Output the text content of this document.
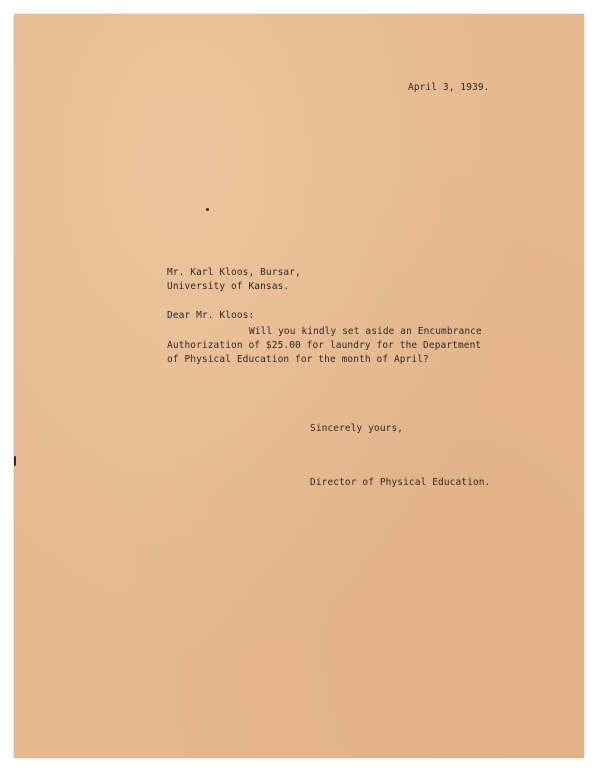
April 3, 1939.
Mr. Karl Kloos, Bursar,
University of Kansas.
Dear Mr. Kloos:
Will you kindly set aside an Encumbrance
Authorization of $25.00 for laundry for the Department
of Physical Education for the month of April?
Sincerely yours,
Director of Physical Education.
